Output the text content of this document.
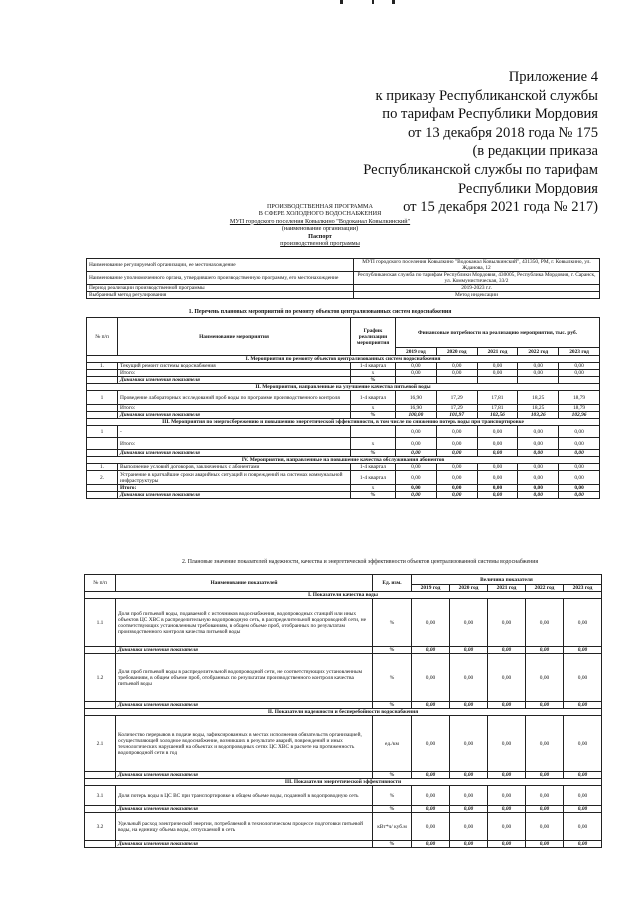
Приложение 4
к приказу Республиканской службы
по тарифам Республики Мордовия
от 13 декабря 2018 года № 175
(в редакции приказа
Республиканской службы по тарифам
Республики Мордовия
от 15 декабря 2021 года № 217)
ПРОИЗВОДСТВЕННАЯ ПРОГРАММА
В СФЕРЕ ХОЛОДНОГО ВОДОСНАБЖЕНИЯ
МУП городского поселения Ковылкино "Водоканал Ковылкинский"
(наименование организации)
Паспорт
производственной программы
Наименование регулируемой организации, ее местонахождение	МУП городского поселения Ковылкино "Водоканал Ковылкинский", 431350, РМ, г. Ковылкино, ул. Жданова, 12
Наименование уполномоченного органа, утвердившего производственную программу, его местонахождение	Республиканская служба по тарифам Республики Мордовия, 430005, Республика Мордовия, г. Саранск, ул. Коммунистическая, 33/2
Период реализации производственной программы	2019-2023 г.г.
Выбранный метод регулирования	Метод индексации
1. Перечень плановых мероприятий по ремонту объектов централизованных систем водоснабжения
№ п/п	Наименование мероприятия	График реализации мероприятия	Финансовые потребности на реализацию мероприятия, тыс. руб.				
			2019 год	2020 год	2021 год	2022 год	2023 год
I. Мероприятия по ремонту объектов централизованных систем водоснабжения							
1.	Текущий ремонт системы водоснабжения	1-4 квартал	0,00	0,00	0,00	0,00	0,00
	Итого:	х	0,00	0,00	0,00	0,00	0,00
	Динамика изменения показателя	%					
II. Мероприятия, направленные на улучшение качества питьевой воды							
1	Проведение лабораторных исследований проб воды по программе производственного контроля	1-4 квартал	16,90	17,29	17,81	18,25	18,79
	Итого:	х	16,90	17,29	17,81	18,25	18,79
	Динамика изменения показателя	%	100,00	101,97	102,56	103,26	102,96
III. Мероприятия по энергосбережению и повышению энергетической эффективности, в том числе по снижению потерь воды при транспортировке							
1	-		0,00	0,00	0,00	0,00	0,00
	Итого:	х	0,00	0,00	0,00	0,00	0,00
	Динамика изменения показателя	%	0,00	0,00	0,00	0,00	0,00
IV. Мероприятия, направленные на повышение качества обслуживания абонентов							
1.	Выполнение условий договоров, заключенных с абонентами	1-4 квартал	0,00	0,00	0,00	0,00	0,00
2.	Устранение в кратчайшие сроки аварийных ситуаций и повреждений на системах коммунальной инфраструктуры	1-4 квартал	0,00	0,00	0,00	0,00	0,00
	Итого:	х	0,00	0,00	0,00	0,00	0,00
	Динамика изменения показателя	%	0,00	0,00	0,00	0,00	0,00
2. Плановые значение показателей надежности, качества и энергетической эффективности объектов централизованной системы водоснабжения
№ п/п	Наименование показателей	Ед. изм.	Величина показателя				
			2019 год	2020 год	2021 год	2022 год	2023 год
I. Показатели качества воды							
1.1	Доля проб питьевой воды, подаваемой с источников водоснабжения, водопроводных станций или иных объектов ЦС ХВС в распределительную водопроводную сеть, в распределительной водопроводной сети, не соответствующих установленным требованиям, в общем объеме проб, отобранных по результатам производственного контроля качества питьевой воды	%	0,00	0,00	0,00	0,00	0,00
	Динамика изменения показателя	%	0,00	0,00	0,00	0,00	0,00
1.2	Доля проб питьевой воды в распределительной водопроводной сети, не соответствующих установленным требованиям, в общем объеме проб, отобранных по результатам производственного контроля качества питьевой воды	%	0,00	0,00	0,00	0,00	0,00
	Динамика изменения показателя	%	0,00	0,00	0,00	0,00	0,00
II. Показатели надежности и бесперебойности водоснабжения							
2.1	Количество перерывов в подаче воды, зафиксированных в местах исполнения обязательств организацией, осуществляющей холодное водоснабжение, возникших в результате аварий, повреждений и иных технологических нарушений на объектах и водопроводных сетях ЦС ХВС в расчете на протяженность водопроводной сети в год	ед./км	0,00	0,00	0,00	0,00	0,00
	Динамика изменения показателя	%	0,00	0,00	0,00	0,00	0,00
III. Показатели энергетической эффективности							
3.1	Доля потерь воды в ЦС ВС при транспортировке в общем объеме воды, поданной в водопроводную сеть	%	0,00	0,00	0,00	0,00	0,00
	Динамика изменения показателя	%	0,00	0,00	0,00	0,00	0,00
3.2	Удельный расход электрической энергии, потребляемой в технологическом процессе подготовки питьевой воды, на единицу объема воды, отпускаемой в сеть	кВт*ч/ куб.м	0,00	0,00	0,00	0,00	0,00
	Динамика изменения показателя	%	0,00	0,00	0,00	0,00	0,00
